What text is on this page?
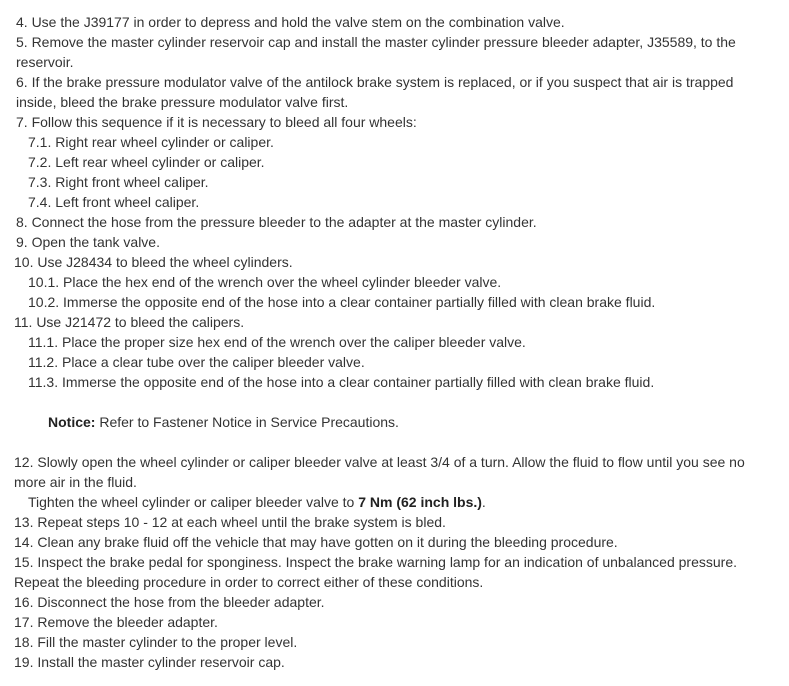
4. Use the J39177 in order to depress and hold the valve stem on the combination valve.
5. Remove the master cylinder reservoir cap and install the master cylinder pressure bleeder adapter, J35589, to the reservoir.
6. If the brake pressure modulator valve of the antilock brake system is replaced, or if you suspect that air is trapped inside, bleed the brake pressure modulator valve first.
7. Follow this sequence if it is necessary to bleed all four wheels:
7.1. Right rear wheel cylinder or caliper.
7.2. Left rear wheel cylinder or caliper.
7.3. Right front wheel caliper.
7.4. Left front wheel caliper.
8. Connect the hose from the pressure bleeder to the adapter at the master cylinder.
9. Open the tank valve.
10. Use J28434 to bleed the wheel cylinders.
10.1. Place the hex end of the wrench over the wheel cylinder bleeder valve.
10.2. Immerse the opposite end of the hose into a clear container partially filled with clean brake fluid.
11. Use J21472 to bleed the calipers.
11.1. Place the proper size hex end of the wrench over the caliper bleeder valve.
11.2. Place a clear tube over the caliper bleeder valve.
11.3. Immerse the opposite end of the hose into a clear container partially filled with clean brake fluid.
Notice: Refer to Fastener Notice in Service Precautions.
12. Slowly open the wheel cylinder or caliper bleeder valve at least 3/4 of a turn. Allow the fluid to flow until you see no more air in the fluid.
Tighten the wheel cylinder or caliper bleeder valve to 7 Nm (62 inch lbs.).
13. Repeat steps 10 - 12 at each wheel until the brake system is bled.
14. Clean any brake fluid off the vehicle that may have gotten on it during the bleeding procedure.
15. Inspect the brake pedal for sponginess. Inspect the brake warning lamp for an indication of unbalanced pressure. Repeat the bleeding procedure in order to correct either of these conditions.
16. Disconnect the hose from the bleeder adapter.
17. Remove the bleeder adapter.
18. Fill the master cylinder to the proper level.
19. Install the master cylinder reservoir cap.
